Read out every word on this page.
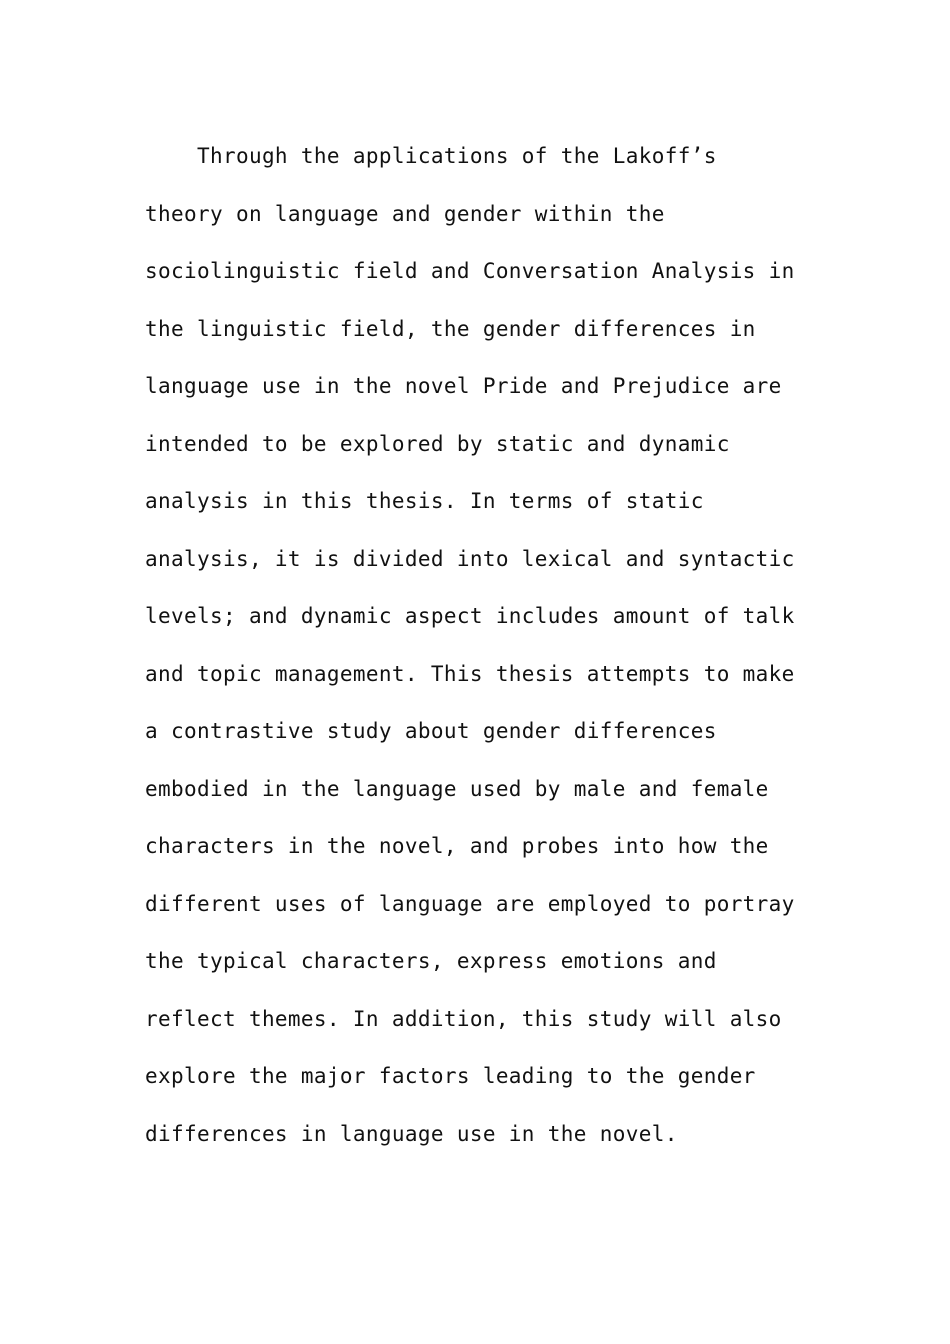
Through the applications of the Lakoff’s
theory on language and gender within the
sociolinguistic field and Conversation Analysis in
the linguistic field, the gender differences in
language use in the novel Pride and Prejudice are
intended to be explored by static and dynamic
analysis in this thesis. In terms of static
analysis, it is divided into lexical and syntactic
levels; and dynamic aspect includes amount of talk
and topic management. This thesis attempts to make
a contrastive study about gender differences
embodied in the language used by male and female
characters in the novel, and probes into how the
different uses of language are employed to portray
the typical characters, express emotions and
reflect themes. In addition, this study will also
explore the major factors leading to the gender
differences in language use in the novel.
